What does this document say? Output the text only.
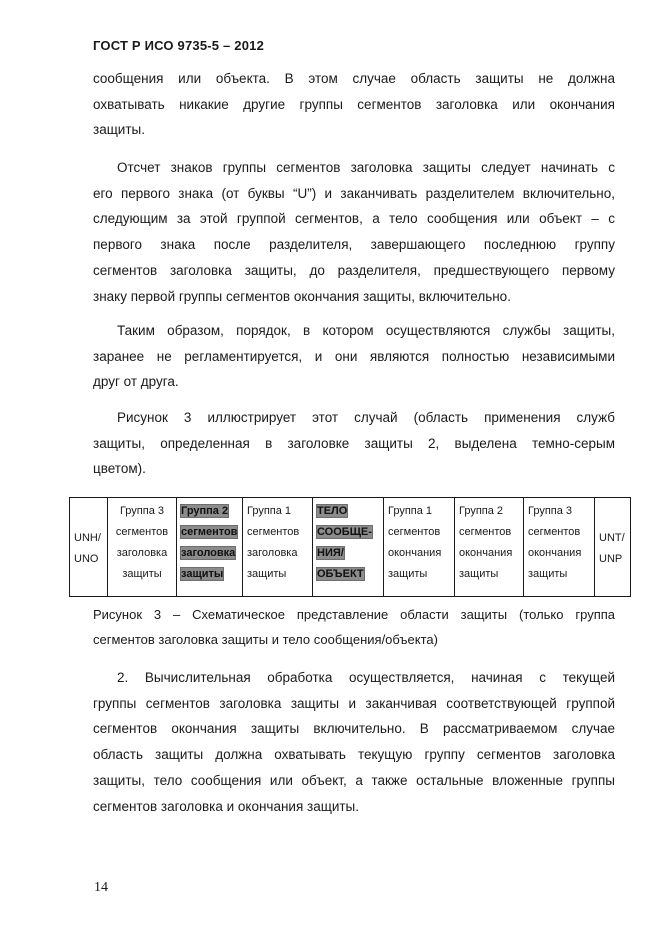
ГОСТ Р ИСО 9735-5 – 2012
сообщения или объекта. В этом случае область защиты не должна
охватывать никакие другие группы сегментов заголовка или окончания
защиты.
Отсчет знаков группы сегментов заголовка защиты следует начинать с
его первого знака (от буквы “U”) и заканчивать разделителем включительно,
следующим за этой группой сегментов, а тело сообщения или объект – с
первого знака после разделителя, завершающего последнюю группу
сегментов заголовка защиты, до разделителя, предшествующего первому
знаку первой группы сегментов окончания защиты, включительно.
Таким образом, порядок, в котором осуществляются службы защиты,
заранее не регламентируется, и они являются полностью независимыми
друг от друга.
Рисунок 3 иллюстрирует этот случай (область применения служб
защиты, определенная в заголовке защиты 2, выделена темно-серым
цветом).
UNH/
UNO

Группа 3
сегментов
заголовка
защиты

Группа 2
сегментов
заголовка
защиты

Группа 1
сегментов
заголовка
защиты

ТЕЛО
СООБЩЕ-
НИЯ/
ОБЪЕКТ

Группа 1
сегментов
окончания
защиты

Группа 2
сегментов
окончания
защиты

Группа 3
сегментов
окончания
защиты

UNT/
UNP
Рисунок 3 – Схематическое представление области защиты (только группа
сегментов заголовка защиты и тело сообщения/объекта)
2. Вычислительная обработка осуществляется, начиная с текущей
группы сегментов заголовка защиты и заканчивая соответствующей группой
сегментов окончания защиты включительно. В рассматриваемом случае
область защиты должна охватывать текущую группу сегментов заголовка
защиты, тело сообщения или объект, а также остальные вложенные группы
сегментов заголовка и окончания защиты.
14
